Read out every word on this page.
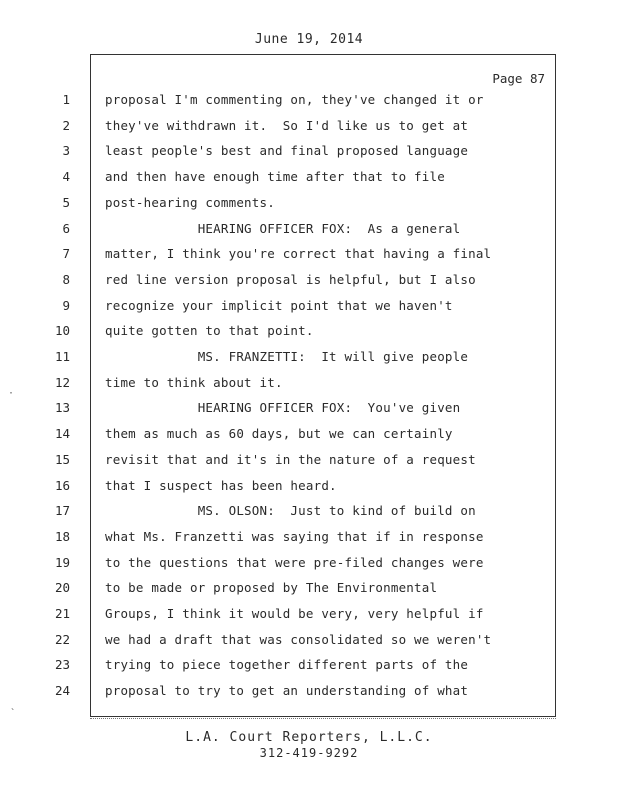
June 19, 2014
Page 87
1	proposal I'm commenting on, they've changed it or
2	they've withdrawn it.  So I'd like us to get at
3	least people's best and final proposed language
4	and then have enough time after that to file
5	post-hearing comments.
6	HEARING OFFICER FOX:  As a general
7	matter, I think you're correct that having a final
8	red line version proposal is helpful, but I also
9	recognize your implicit point that we haven't
10	quite gotten to that point.
11	MS. FRANZETTI:  It will give people
12	time to think about it.
13	HEARING OFFICER FOX:  You've given
14	them as much as 60 days, but we can certainly
15	revisit that and it's in the nature of a request
16	that I suspect has been heard.
17	MS. OLSON:  Just to kind of build on
18	what Ms. Franzetti was saying that if in response
19	to the questions that were pre-filed changes were
20	to be made or proposed by The Environmental
21	Groups, I think it would be very, very helpful if
22	we had a draft that was consolidated so we weren't
23	trying to piece together different parts of the
24	proposal to try to get an understanding of what
L.A. Court Reporters, L.L.C.
312-419-9292
·
`
